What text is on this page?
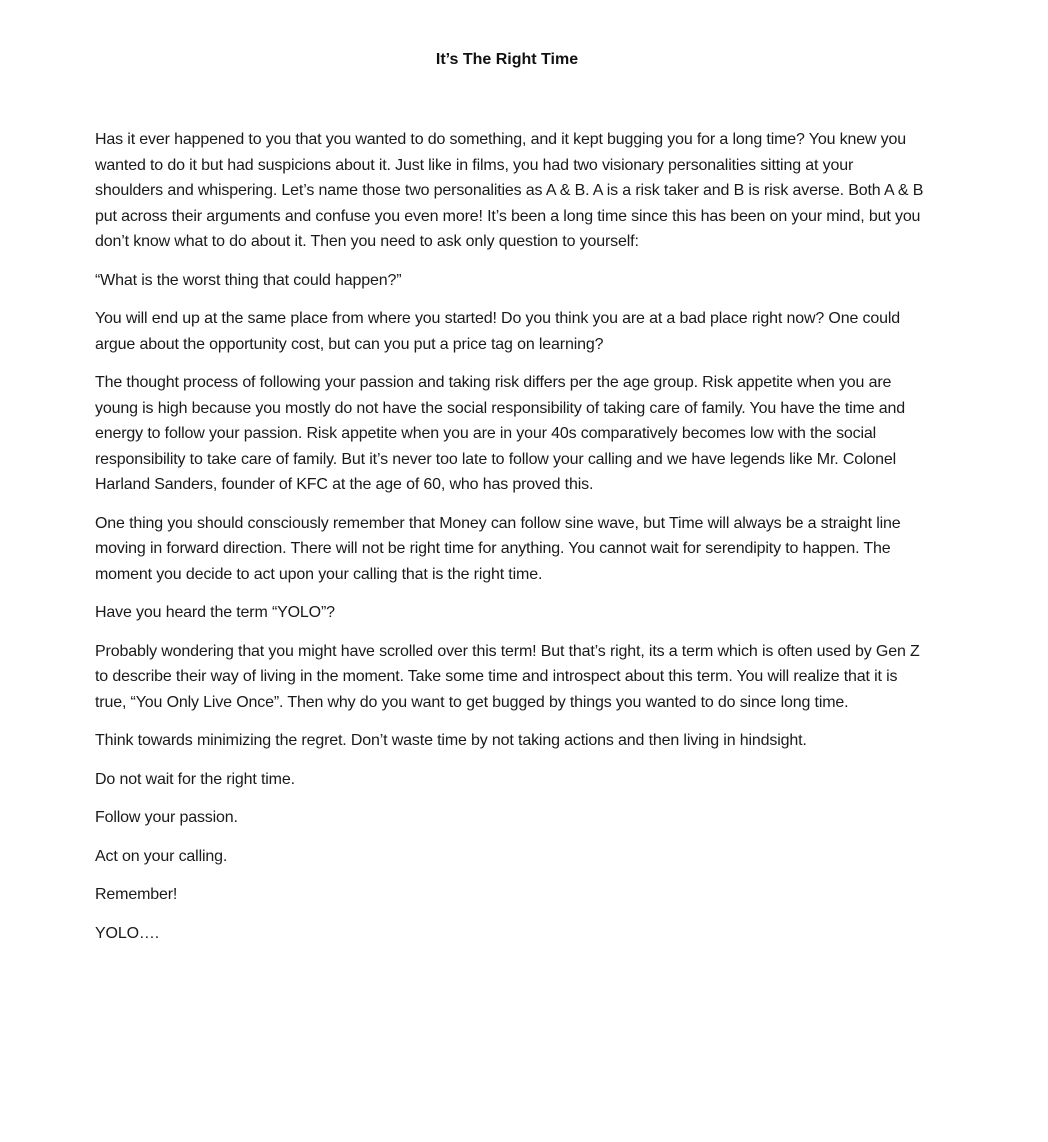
It’s The Right Time

Has it ever happened to you that you wanted to do something, and it kept bugging you for a long time? You knew you wanted to do it but had suspicions about it. Just like in films, you had two visionary personalities sitting at your shoulders and whispering. Let’s name those two personalities as A & B. A is a risk taker and B is risk averse. Both A & B put across their arguments and confuse you even more! It’s been a long time since this has been on your mind, but you don’t know what to do about it. Then you need to ask only question to yourself:

“What is the worst thing that could happen?”

You will end up at the same place from where you started! Do you think you are at a bad place right now? One could argue about the opportunity cost, but can you put a price tag on learning?

The thought process of following your passion and taking risk differs per the age group. Risk appetite when you are young is high because you mostly do not have the social responsibility of taking care of family. You have the time and energy to follow your passion. Risk appetite when you are in your 40s comparatively becomes low with the social responsibility to take care of family. But it’s never too late to follow your calling and we have legends like Mr. Colonel Harland Sanders, founder of KFC at the age of 60, who has proved this.

One thing you should consciously remember that Money can follow sine wave, but Time will always be a straight line moving in forward direction. There will not be right time for anything. You cannot wait for serendipity to happen. The moment you decide to act upon your calling that is the right time.

Have you heard the term “YOLO”?

Probably wondering that you might have scrolled over this term! But that’s right, its a term which is often used by Gen Z to describe their way of living in the moment. Take some time and introspect about this term. You will realize that it is true, “You Only Live Once”. Then why do you want to get bugged by things you wanted to do since long time.

Think towards minimizing the regret. Don’t waste time by not taking actions and then living in hindsight.

Do not wait for the right time.

Follow your passion.

Act on your calling.

Remember!

YOLO….
